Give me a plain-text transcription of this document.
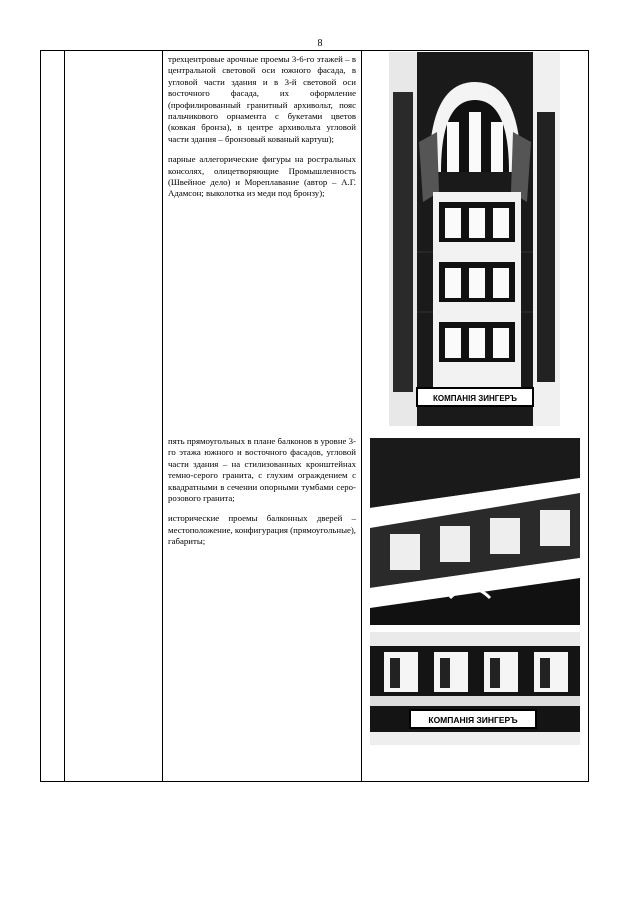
8

трехцентровые арочные проемы 3-6-го этажей – в центральной световой оси южного фасада, в угловой части здания и в 3-й световой оси восточного фасада, их оформление (профилированный гранитный архивольт, пояс пальчикового орнамента с букетами цветов (ковкая бронза), в центре архивольта угловой части здания – бронзовый кованый картуш);

парные аллегорические фигуры на ростральных консолях, олицетворяющие Промышленность (Швейное дело) и Мореплавание (автор – А.Г. Адамсон; выколотка из меди под бронзу);

пять прямоугольных в плане балконов в уровне 3-го этажа южного и восточного фасадов, угловой части здания – на стилизованных кронштейнах темно-серого гранита, с глухим ограждением с квадратными в сечении опорными тумбами серо-розового гранита;

исторические проемы балконных дверей – местоположение, конфигурация (прямоугольные), габариты;

КОМПАНIЯ ЗИНГЕРЪ
КОМПАНIЯ ЗИНГЕРЪ
